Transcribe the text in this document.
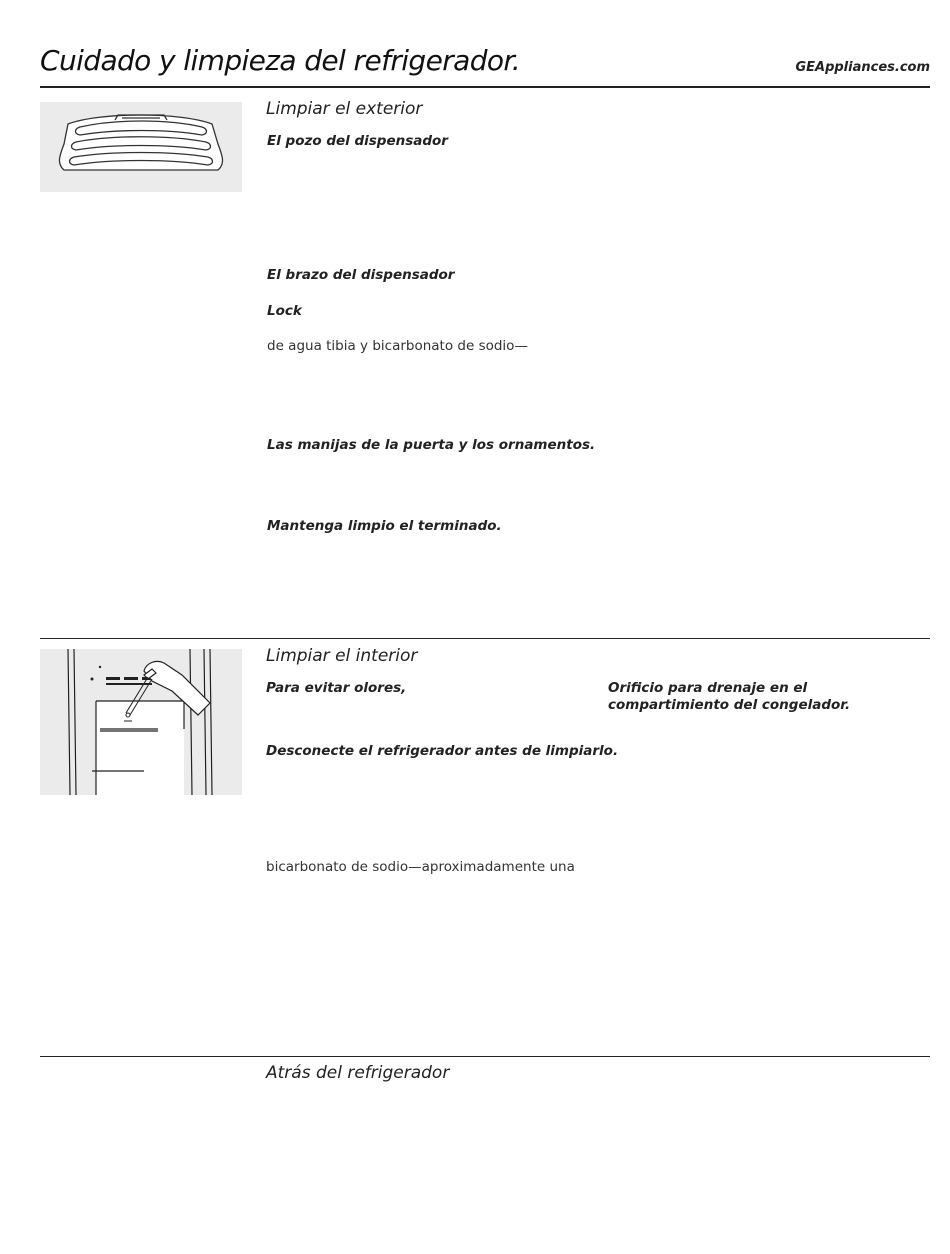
Cuidado y limpieza del refrigerador.	GEAppliances.com
Limpiar el exterior
El pozo del dispensador
El brazo del dispensador
Lock
de agua tibia y bicarbonato de sodio—
Las manijas de la puerta y los ornamentos.
Mantenga limpio el terminado.
Limpiar el interior
Para evitar olores,
Desconecte el refrigerador antes de limpiarlo.
bicarbonato de sodio—aproximadamente una
Orificio para drenaje en el compartimiento del congelador.
Atrás del refrigerador
